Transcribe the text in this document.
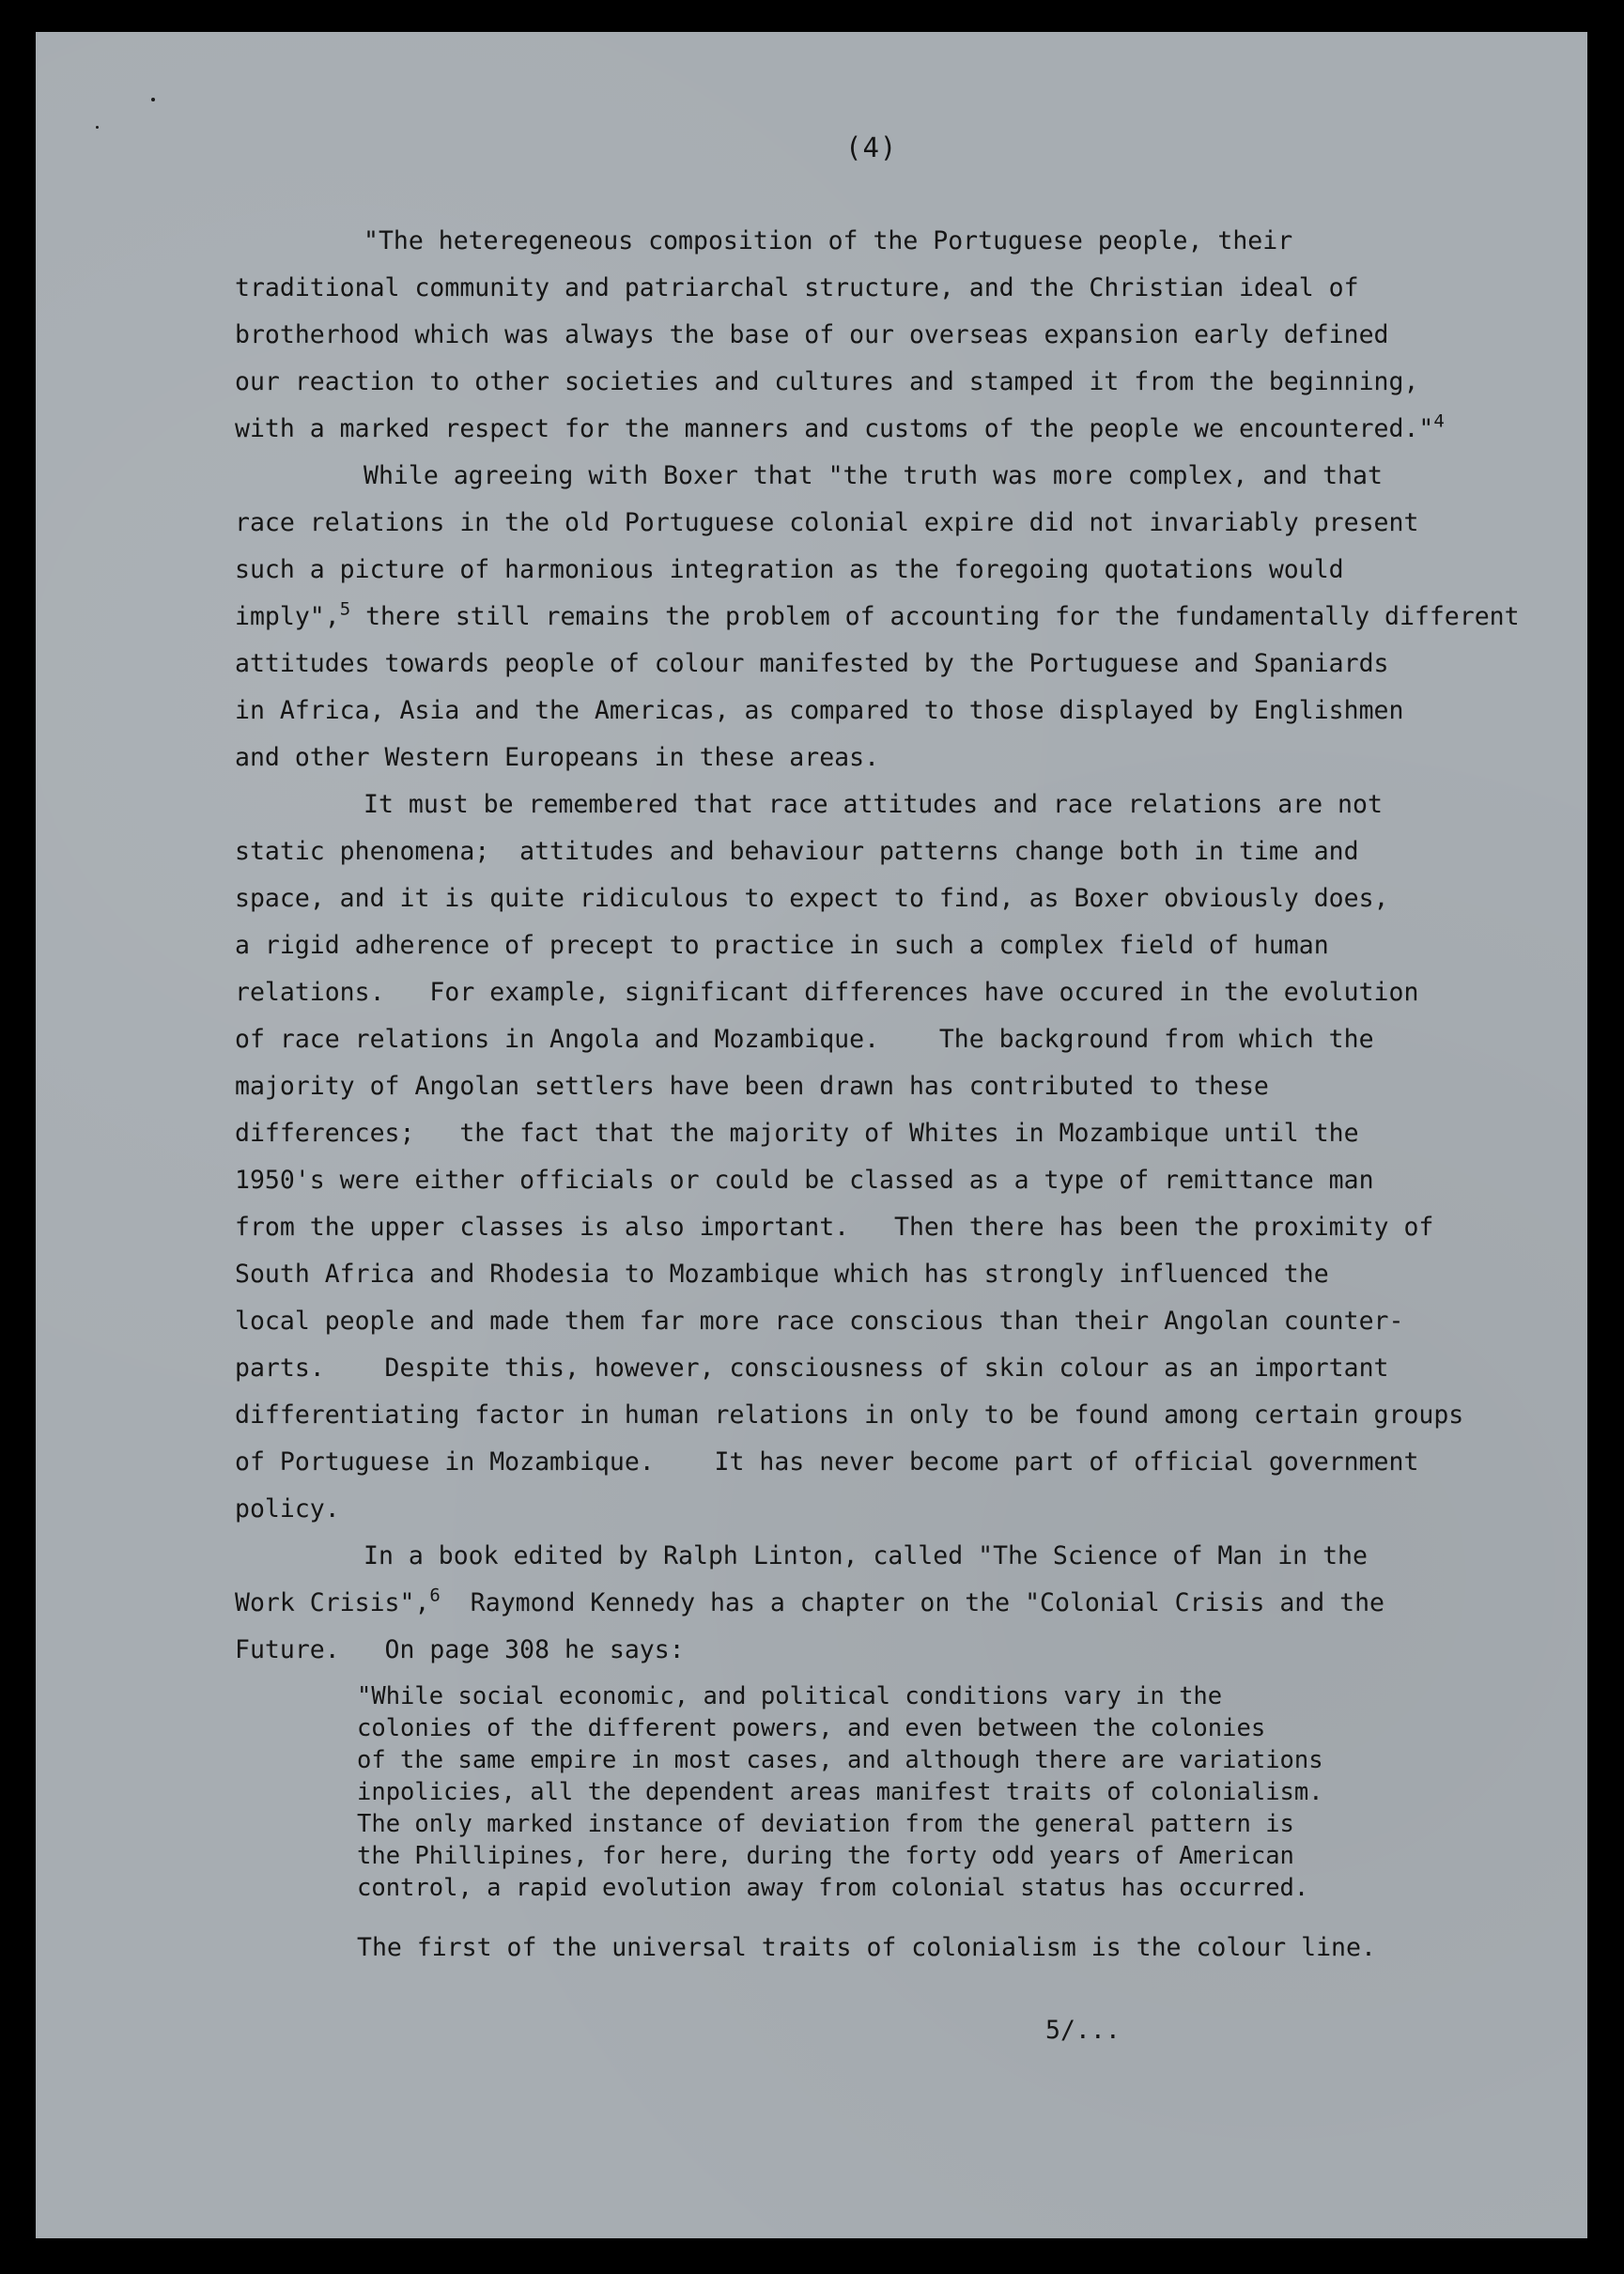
(4)

"The heteregeneous composition of the Portuguese people, their

traditional community and patriarchal structure, and the Christian ideal of

brotherhood which was always the base of our overseas expansion early defined

our reaction to other societies and cultures and stamped it from the beginning,

with a marked respect for the manners and customs of the people we encountered."$^4$

While agreeing with Boxer that "the truth was more complex, and that

race relations in the old Portuguese colonial expire did not invariably present

such a picture of harmonious integration as the foregoing quotations would

imply",$^5$ there still remains the problem of accounting for the fundamentally different

attitudes towards people of colour manifested by the Portuguese and Spaniards

in Africa, Asia and the Americas, as compared to those displayed by Englishmen

and other Western Europeans in these areas.

It must be remembered that race attitudes and race relations are not

static phenomena;  attitudes and behaviour patterns change both in time and

space, and it is quite ridiculous to expect to find, as Boxer obviously does,

a rigid adherence of precept to practice in such a complex field of human

relations.   For example, significant differences have occured in the evolution

of race relations in Angola and Mozambique.    The background from which the

majority of Angolan settlers have been drawn has contributed to these

differences;   the fact that the majority of Whites in Mozambique until the

1950's were either officials or could be classed as a type of remittance man

from the upper classes is also important.   Then there has been the proximity of

South Africa and Rhodesia to Mozambique which has strongly influenced the

local people and made them far more race conscious than their Angolan counter-

parts.    Despite this, however, consciousness of skin colour as an important

differentiating factor in human relations in only to be found among certain groups

of Portuguese in Mozambique.    It has never become part of official government

policy.

In a book edited by Ralph Linton, called "The Science of Man in the

Work Crisis",$^6$  Raymond Kennedy has a chapter on the "Colonial Crisis and the

Future.   On page 308 he says:

"While social economic, and political conditions vary in the

colonies of the different powers, and even between the colonies

of the same empire in most cases, and although there are variations

inpolicies, all the dependent areas manifest traits of colonialism.

The only marked instance of deviation from the general pattern is

the Phillipines, for here, during the forty odd years of American

control, a rapid evolution away from colonial status has occurred.

The first of the universal traits of colonialism is the colour line.

5/...
